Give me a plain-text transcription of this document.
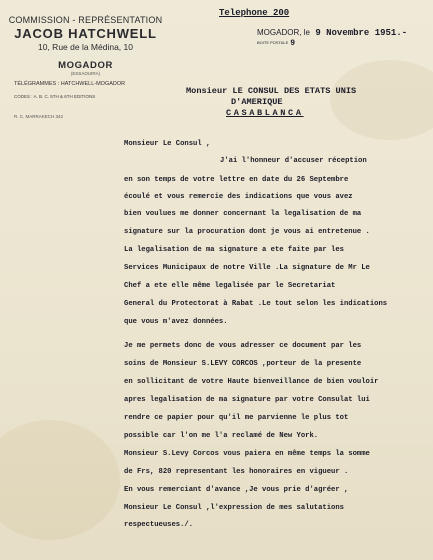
COMMISSION - REPRÉSENTATION
JACOB HATCHWELL
10, Rue de la Médina, 10
MOGADOR
(ESSAOUIRA)
TÉLÉGRAMMES : HATCHWELL-MOGADOR
CODES : A. B. C. 5TH & 6TH EDITIONS
R. C. MARRAKECH 342
Telephone 200
MOGADOR, le 9 Novembre 1951.-
BOITE POSTALE 9
Monsieur LE CONSUL DES ETATS UNIS
D'AMERIQUE
CASABLANCA
Monsieur Le Consul ,
J'ai l'honneur d'accuser réception
en son temps de votre lettre en date du 26 Septembre
écoulé et vous remercie des indications que vous avez
bien voulues me donner concernant la legalisation de ma
signature sur la procuration dont je vous ai entretenue .
La legalisation de ma signature a ete faite par les
Services Municipaux de notre Ville .La signature de Mr Le
Chef a ete elle même legalisée par le Secretariat
General du Protectorat à Rabat .Le tout selon les indications
que vous m'avez données.
Je me permets donc de vous adresser ce document par les
soins de Monsieur S.LEVY CORCOS ,porteur de la presente
en sollicitant de votre Haute bienveillance de bien vouloir
apres legalisation de ma signature par votre Consulat lui
rendre ce papier pour qu'il me parvienne le plus tot
possible car l'on me l'a reclamé de New York.
Monsieur S.Levy Corcos vous paiera en même temps la somme
de Frs, 820 representant les honoraires en vigueur .
En vous remerciant d'avance ,Je vous prie d'agréer ,
Monsieur Le Consul ,l'expression de mes salutations
respectueuses./.
